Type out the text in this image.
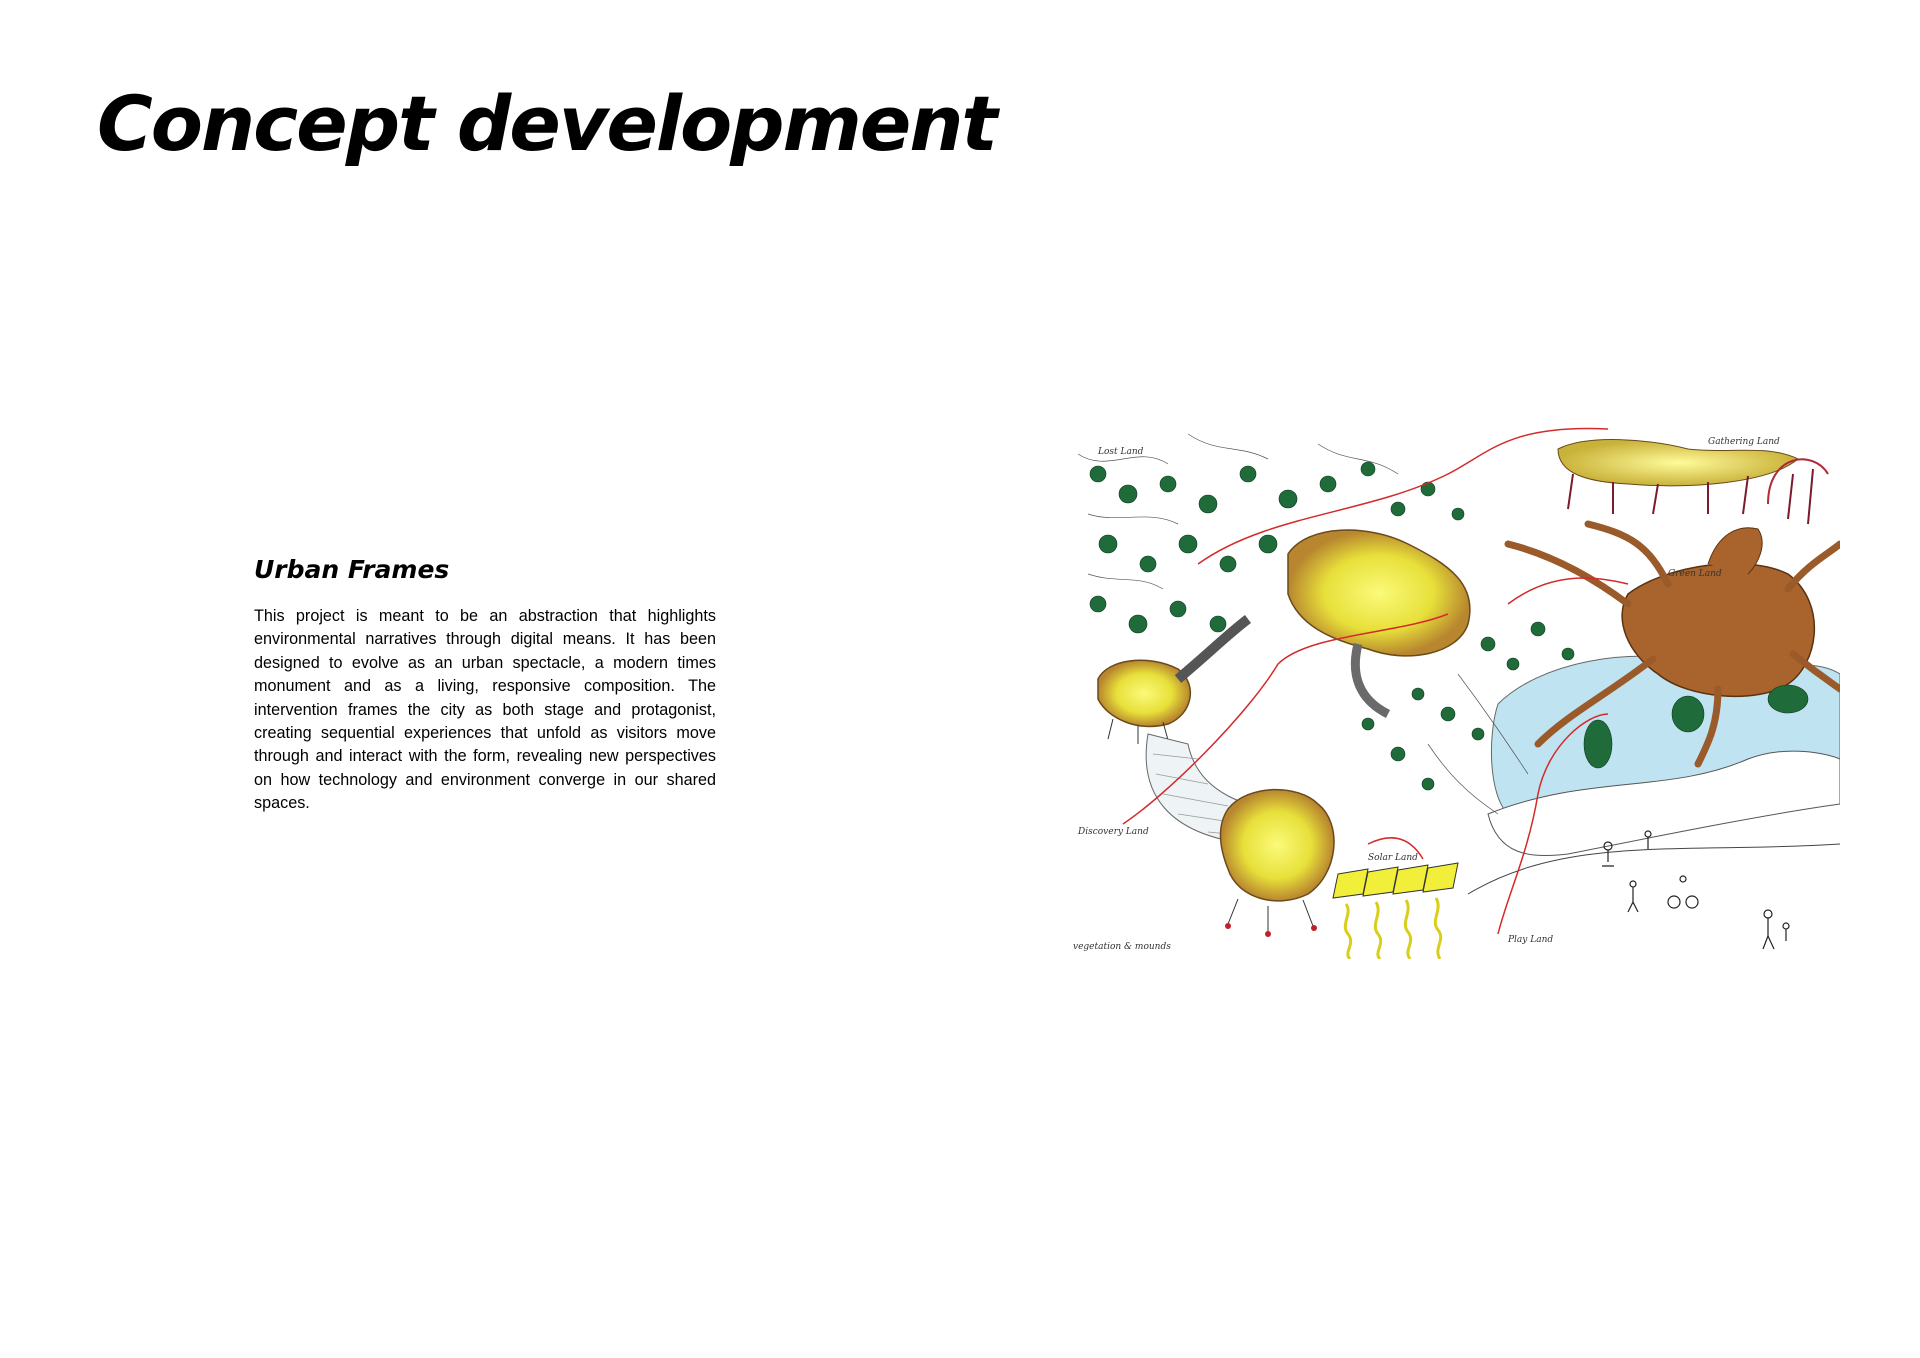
Concept development
Urban Frames

This project is meant to be an abstraction that highlights environmental narratives through digital means. It has been designed to evolve as an urban spectacle, a modern times monument and as a living, responsive composition. The intervention frames the city as both stage and protagonist, creating sequential experiences that unfold as visitors move through and interact with the form, revealing new perspectives on how technology and environment converge in our shared spaces.

Lost Land
Gathering Land
Green Land
Discovery Land
Solar Land
Play Land
vegetation & mounds
